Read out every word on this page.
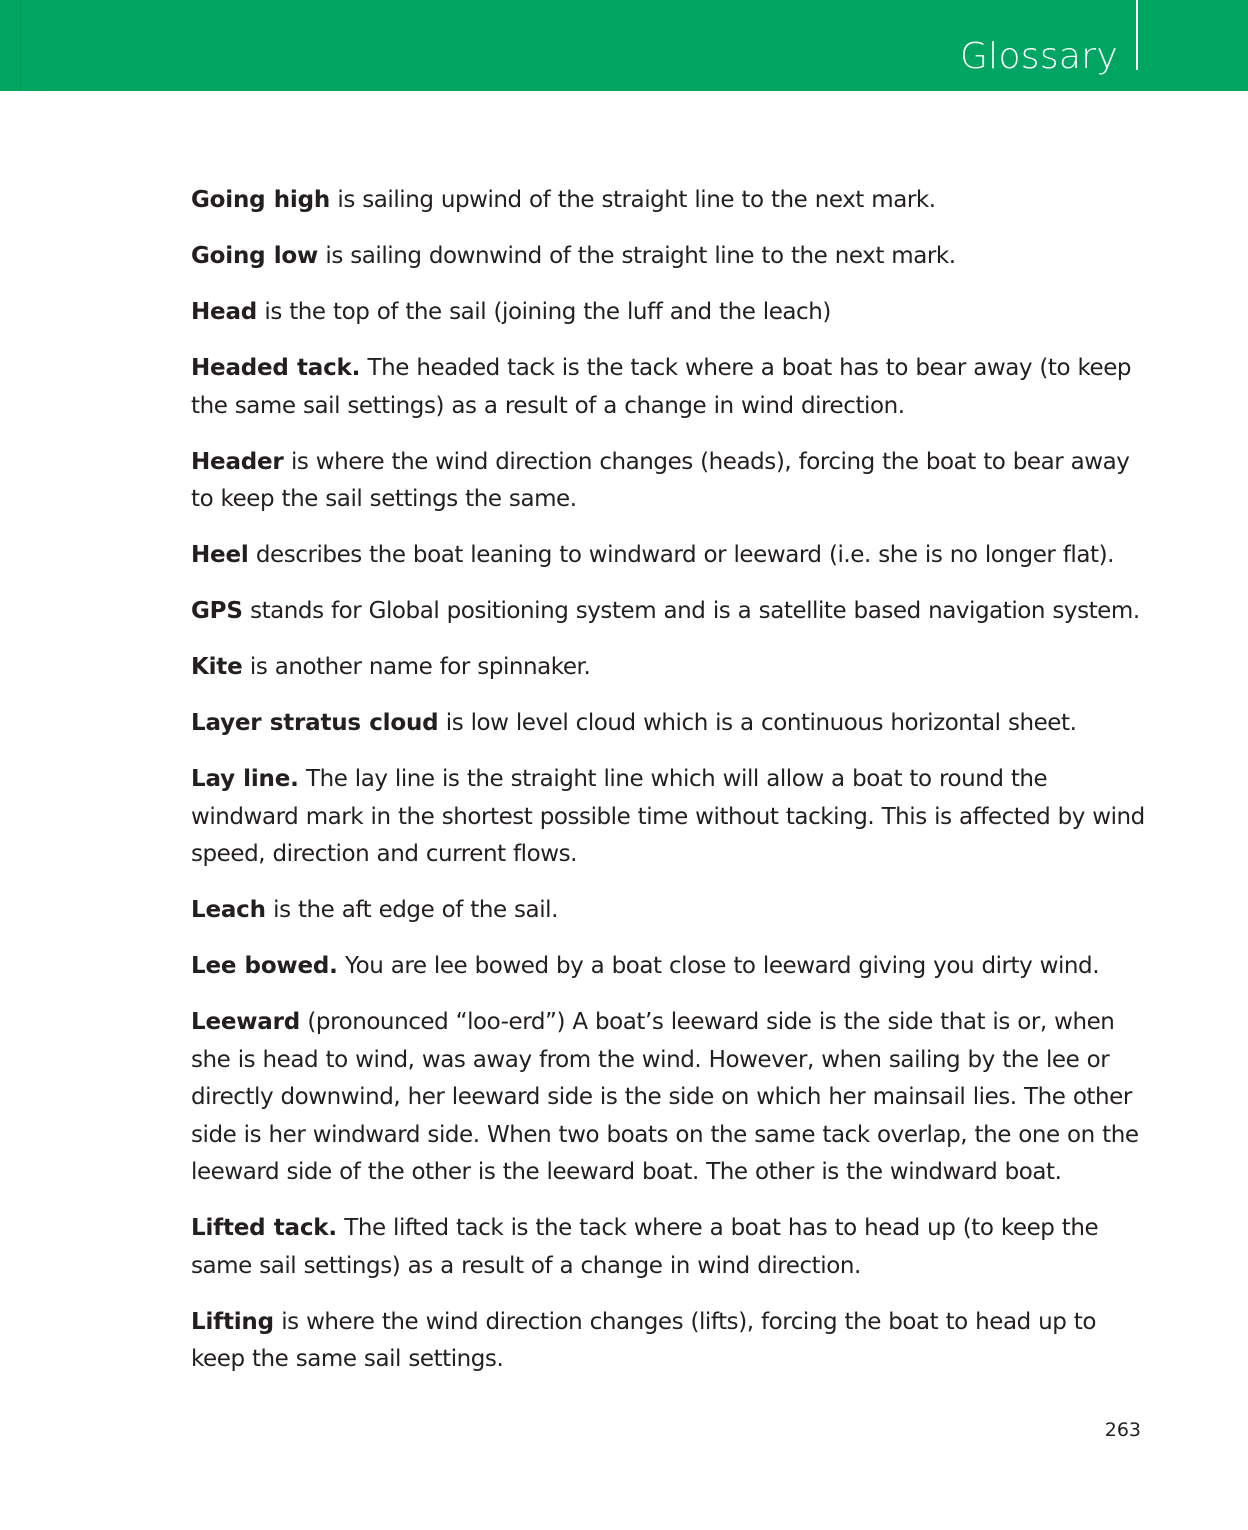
Glossary

Going high is sailing upwind of the straight line to the next mark.

Going low is sailing downwind of the straight line to the next mark.

Head is the top of the sail (joining the luff and the leach)

Headed tack. The headed tack is the tack where a boat has to bear away (to keep the same sail settings) as a result of a change in wind direction.

Header is where the wind direction changes (heads), forcing the boat to bear away to keep the sail settings the same.

Heel describes the boat leaning to windward or leeward (i.e. she is no longer flat).

GPS stands for Global positioning system and is a satellite based navigation system.

Kite is another name for spinnaker.

Layer stratus cloud is low level cloud which is a continuous horizontal sheet.

Lay line. The lay line is the straight line which will allow a boat to round the windward mark in the shortest possible time without tacking. This is affected by wind speed, direction and current flows.

Leach is the aft edge of the sail.

Lee bowed. You are lee bowed by a boat close to leeward giving you dirty wind.

Leeward (pronounced “loo-erd”) A boat’s leeward side is the side that is or, when she is head to wind, was away from the wind. However, when sailing by the lee or directly downwind, her leeward side is the side on which her mainsail lies. The other side is her windward side. When two boats on the same tack overlap, the one on the leeward side of the other is the leeward boat. The other is the windward boat.

Lifted tack. The lifted tack is the tack where a boat has to head up (to keep the same sail settings) as a result of a change in wind direction.

Lifting is where the wind direction changes (lifts), forcing the boat to head up to keep the same sail settings.

263
